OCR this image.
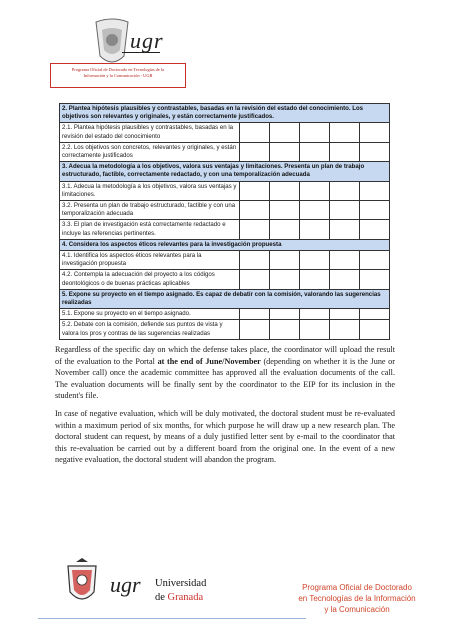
ugr
Programa Oficial de Doctorado en Tecnologías de la
Información y la Comunicación - UGR
2. Plantea hipótesis plausibles y contrastables, basadas en la revisión del estado del conocimiento. Los objetivos son relevantes y originales, y están correctamente justificados.					
2.1. Plantea hipótesis plausibles y contrastables, basadas en la revisión del estado del conocimiento					
2.2. Los objetivos son concretos, relevantes y originales, y están correctamente justificados					
3. Adecua la metodología a los objetivos, valora sus ventajas y limitaciones. Presenta un plan de trabajo estructurado, factible, correctamente redactado, y con una temporalización adecuada					
3.1. Adecua la metodología a los objetivos, valora sus ventajas y limitaciones.					
3.2. Presenta un plan de trabajo estructurado, factible y con una temporalización adecuada					
3.3. El plan de investigación está correctamente redactado e incluye las referencias pertinentes.					
4. Considera los aspectos éticos relevantes para la investigación propuesta					
4.1. Identifica los aspectos éticos relevantes para la investigación propuesta					
4.2. Contempla la adecuación del proyecto a los códigos deontológicos o de buenas prácticas aplicables					
5. Expone su proyecto en el tiempo asignado. Es capaz de debatir con la comisión, valorando las sugerencias realizadas					
5.1. Expone su proyecto en el tiempo asignado.					
5.2. Debate con la comisión, defiende sus puntos de vista y valora los pros y contras de las sugerencias realizadas					

Regardless of the specific day on which the defense takes place, the coordinator will upload the result of the evaluation to the Portal at the end of June/November (depending on whether it is the June or November call) once the academic committee has approved all the evaluation documents of the call. The evaluation documents will be finally sent by the coordinator to the EIP for its inclusion in the student's file.

In case of negative evaluation, which will be duly motivated, the doctoral student must be re-evaluated within a maximum period of six months, for which purpose he will draw up a new research plan. The doctoral student can request, by means of a duly justified letter sent by e-mail to the coordinator that this re-evaluation be carried out by a different board from the original one. In the event of a new negative evaluation, the doctoral student will abandon the program.

ugr Universidad
de Granada
Programa Oficial de Doctorado
en Tecnologías de la Información
y la Comunicación
